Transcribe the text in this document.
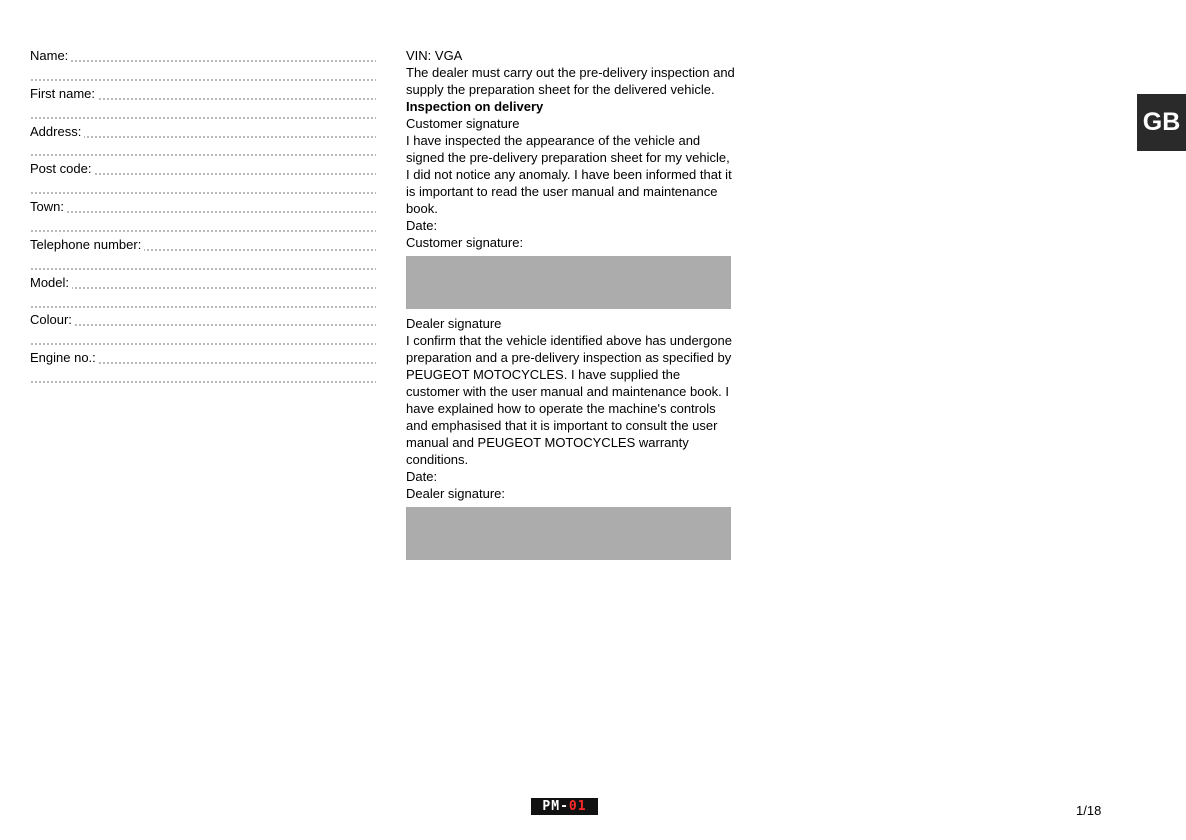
Name:
First name:
Address:
Post code:
Town:
Telephone number:
Model:
Colour:
Engine no.:

VIN: VGA

The dealer must carry out the pre-delivery inspection and supply the preparation sheet for the delivered vehicle.

Inspection on delivery

Customer signature

I have inspected the appearance of the vehicle and signed the pre-delivery preparation sheet for my vehicle, I did not notice any anomaly. I have been informed that it is important to read the user manual and maintenance book.

Date:

Customer signature:

Dealer signature

I confirm that the vehicle identified above has undergone preparation and a pre-delivery inspection as specified by PEUGEOT MOTOCYCLES. I have supplied the customer with the user manual and maintenance book. I have explained how to operate the machine's controls and emphasised that it is important to consult the user manual and PEUGEOT MOTOCYCLES warranty conditions.

Date:

Dealer signature:

GB
PM- 01	1/18
